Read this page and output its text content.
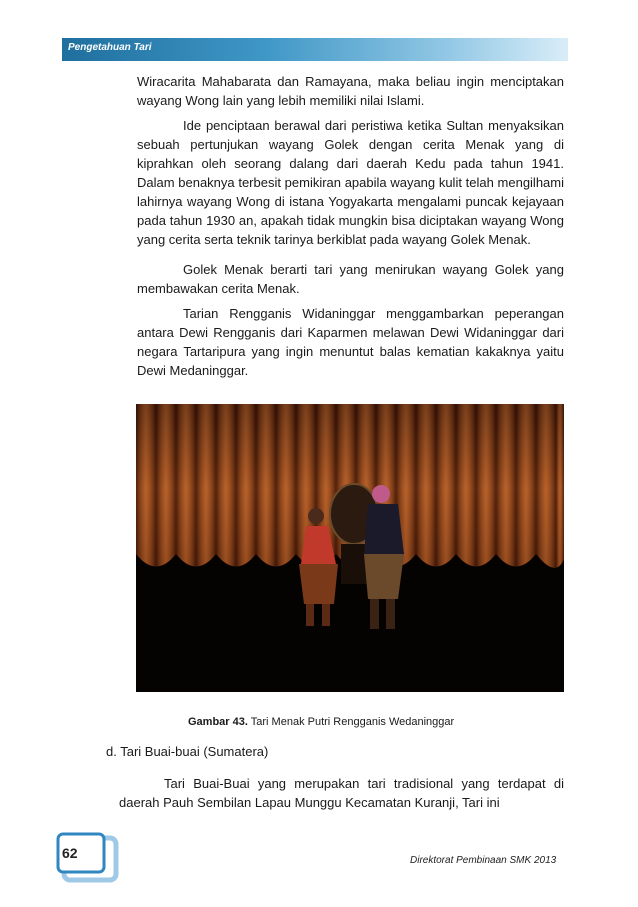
Pengetahuan Tari

Wiracarita Mahabarata dan Ramayana, maka beliau ingin menciptakan wayang Wong lain yang lebih memiliki nilai Islami.

Ide penciptaan berawal dari peristiwa ketika Sultan menyaksikan sebuah pertunjukan wayang Golek dengan cerita Menak yang di kiprahkan oleh seorang dalang dari daerah Kedu pada tahun 1941. Dalam benaknya terbesit pemikiran apabila wayang kulit telah mengilhami lahirnya wayang Wong di istana Yogyakarta mengalami puncak kejayaan pada tahun 1930 an, apakah tidak mungkin bisa diciptakan wayang Wong yang cerita serta teknik tarinya berkiblat pada wayang Golek Menak.

Golek Menak berarti tari yang menirukan wayang Golek yang membawakan cerita Menak.

Tarian Rengganis Widaninggar menggambarkan peperangan antara Dewi Rengganis dari Kaparmen melawan Dewi Widaninggar dari negara Tartaripura yang ingin menuntut balas kematian kakaknya yaitu Dewi Medaninggar.

Gambar 43. Tari Menak Putri Rengganis Wedaninggar
d. Tari Buai-buai (Sumatera)

Tari Buai-Buai yang merupakan tari tradisional yang terdapat di daerah Pauh Sembilan Lapau Munggu Kecamatan Kuranji, Tari ini

62	Direktorat Pembinaan SMK 2013
